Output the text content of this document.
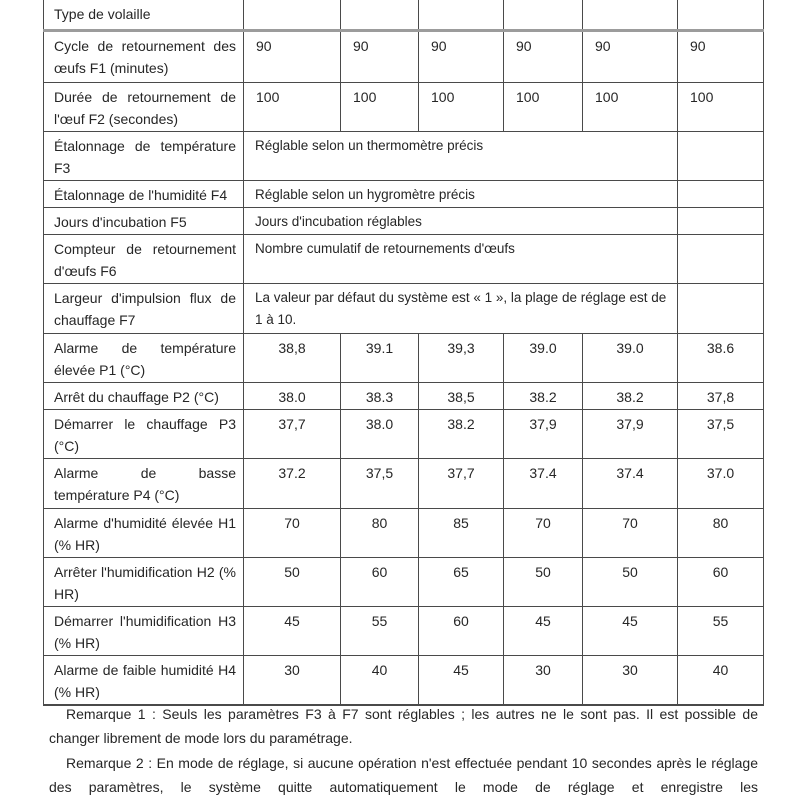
Type de volaille						
Cycle de retournement des œufs F1 (minutes)	90	90	90	90	90	90
Durée de retournement de l'œuf F2 (secondes)	100	100	100	100	100	100
Étalonnage de température F3	Réglable selon un thermomètre précis					
Étalonnage de l'humidité F4	Réglable selon un hygromètre précis					
Jours d'incubation F5	Jours d'incubation réglables					
Compteur de retournement d'œufs F6	Nombre cumulatif de retournements d'œufs					
Largeur d'impulsion flux de chauffage F7	La valeur par défaut du système est « 1 », la plage de réglage est de 1 à 10.					
Alarme de température élevée P1 (°C)	38,8	39.1	39,3	39.0	39.0	38.6
Arrêt du chauffage P2 (°C)	38.0	38.3	38,5	38.2	38.2	37,8
Démarrer le chauffage P3 (°C)	37,7	38.0	38.2	37,9	37,9	37,5
Alarme de basse température P4 (°C)	37.2	37,5	37,7	37.4	37.4	37.0
Alarme d'humidité élevée H1 (% HR)	70	80	85	70	70	80
Arrêter l'humidification H2 (% HR)	50	60	65	50	50	60
Démarrer l'humidification H3 (% HR)	45	55	60	45	45	55
Alarme de faible humidité H4 (% HR)	30	40	45	30	30	40

Remarque 1 : Seuls les paramètres F3 à F7 sont réglables ; les autres ne le sont pas. Il est possible de changer librement de mode lors du paramétrage.

Remarque 2 : En mode de réglage, si aucune opération n'est effectuée pendant 10 secondes après le réglage des paramètres, le système quitte automatiquement le mode de réglage et enregistre les
